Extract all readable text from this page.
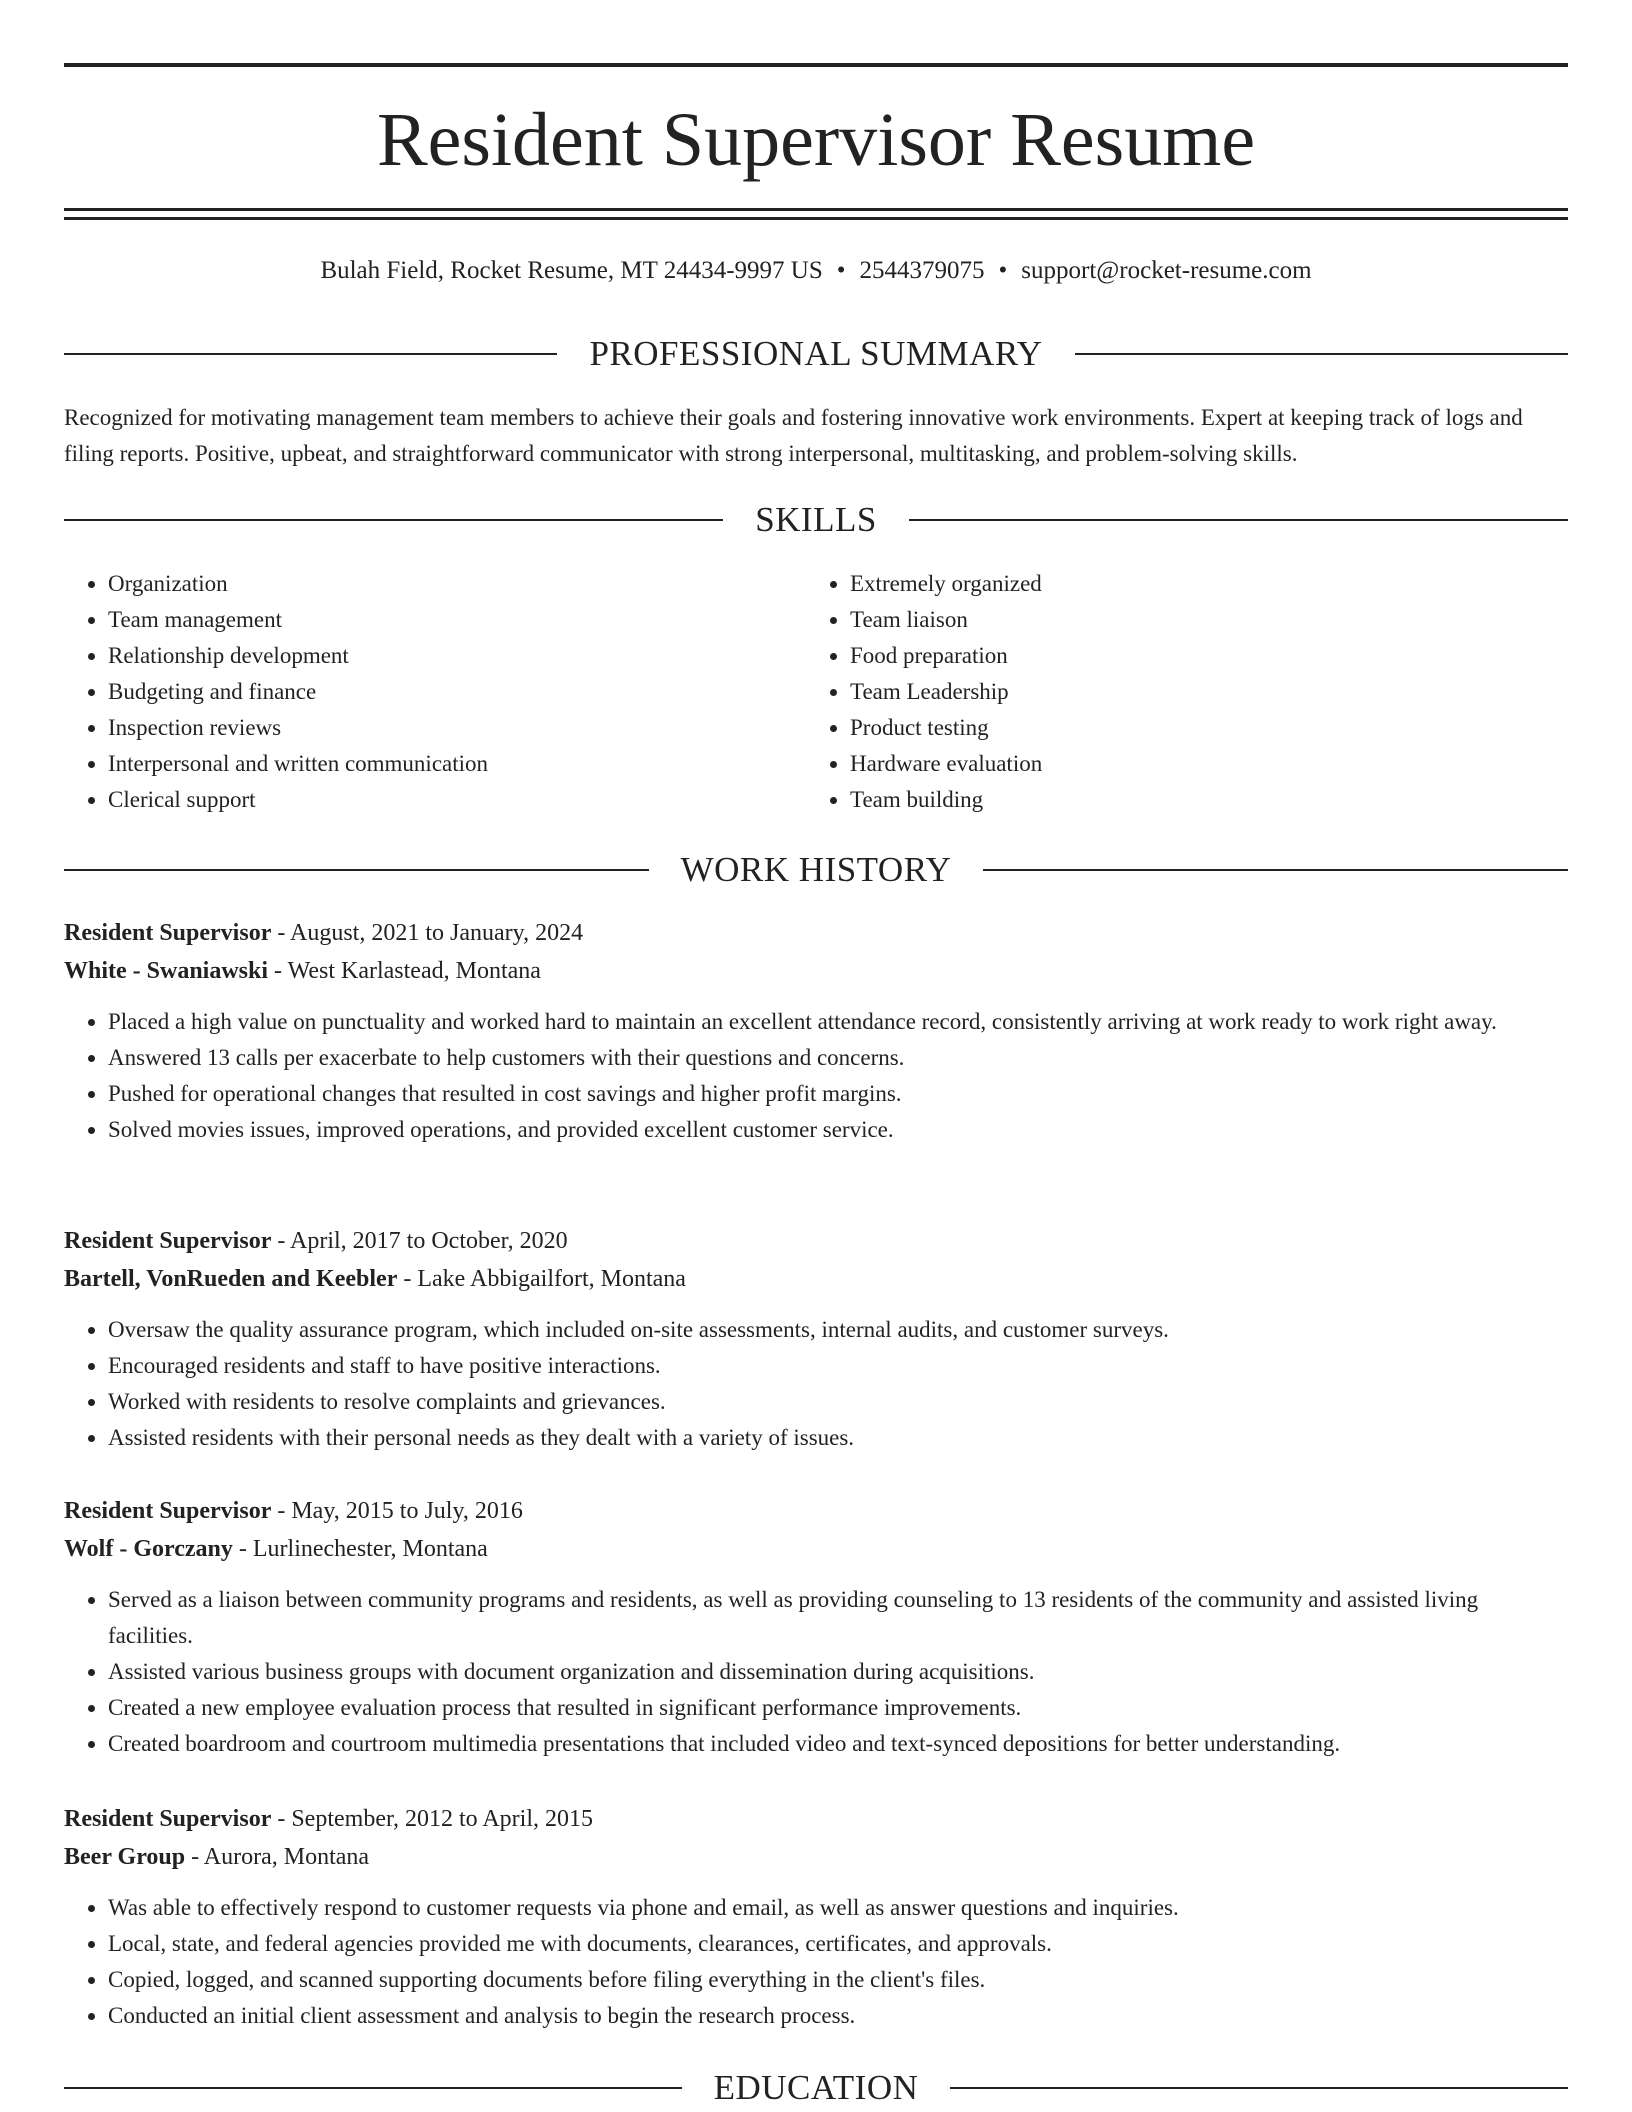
Resident Supervisor Resume
Bulah Field, Rocket Resume, MT 24434-9997 US • 2544379075 • support@rocket-resume.com
PROFESSIONAL SUMMARY
Recognized for motivating management team members to achieve their goals and fostering innovative work environments. Expert at keeping track of logs and filing reports. Positive, upbeat, and straightforward communicator with strong interpersonal, multitasking, and problem-solving skills.
SKILLS
• Organization
• Team management
• Relationship development
• Budgeting and finance
• Inspection reviews
• Interpersonal and written communication
• Clerical support
• Extremely organized
• Team liaison
• Food preparation
• Team Leadership
• Product testing
• Hardware evaluation
• Team building
WORK HISTORY
Resident Supervisor - August, 2021 to January, 2024
White - Swaniawski - West Karlastead, Montana
• Placed a high value on punctuality and worked hard to maintain an excellent attendance record, consistently arriving at work ready to work right away.
• Answered 13 calls per exacerbate to help customers with their questions and concerns.
• Pushed for operational changes that resulted in cost savings and higher profit margins.
• Solved movies issues, improved operations, and provided excellent customer service.
Resident Supervisor - April, 2017 to October, 2020
Bartell, VonRueden and Keebler - Lake Abbigailfort, Montana
• Oversaw the quality assurance program, which included on-site assessments, internal audits, and customer surveys.
• Encouraged residents and staff to have positive interactions.
• Worked with residents to resolve complaints and grievances.
• Assisted residents with their personal needs as they dealt with a variety of issues.
Resident Supervisor - May, 2015 to July, 2016
Wolf - Gorczany - Lurlinechester, Montana
• Served as a liaison between community programs and residents, as well as providing counseling to 13 residents of the community and assisted living facilities.
• Assisted various business groups with document organization and dissemination during acquisitions.
• Created a new employee evaluation process that resulted in significant performance improvements.
• Created boardroom and courtroom multimedia presentations that included video and text-synced depositions for better understanding.
Resident Supervisor - September, 2012 to April, 2015
Beer Group - Aurora, Montana
• Was able to effectively respond to customer requests via phone and email, as well as answer questions and inquiries.
• Local, state, and federal agencies provided me with documents, clearances, certificates, and approvals.
• Copied, logged, and scanned supporting documents before filing everything in the client's files.
• Conducted an initial client assessment and analysis to begin the research process.
EDUCATION
